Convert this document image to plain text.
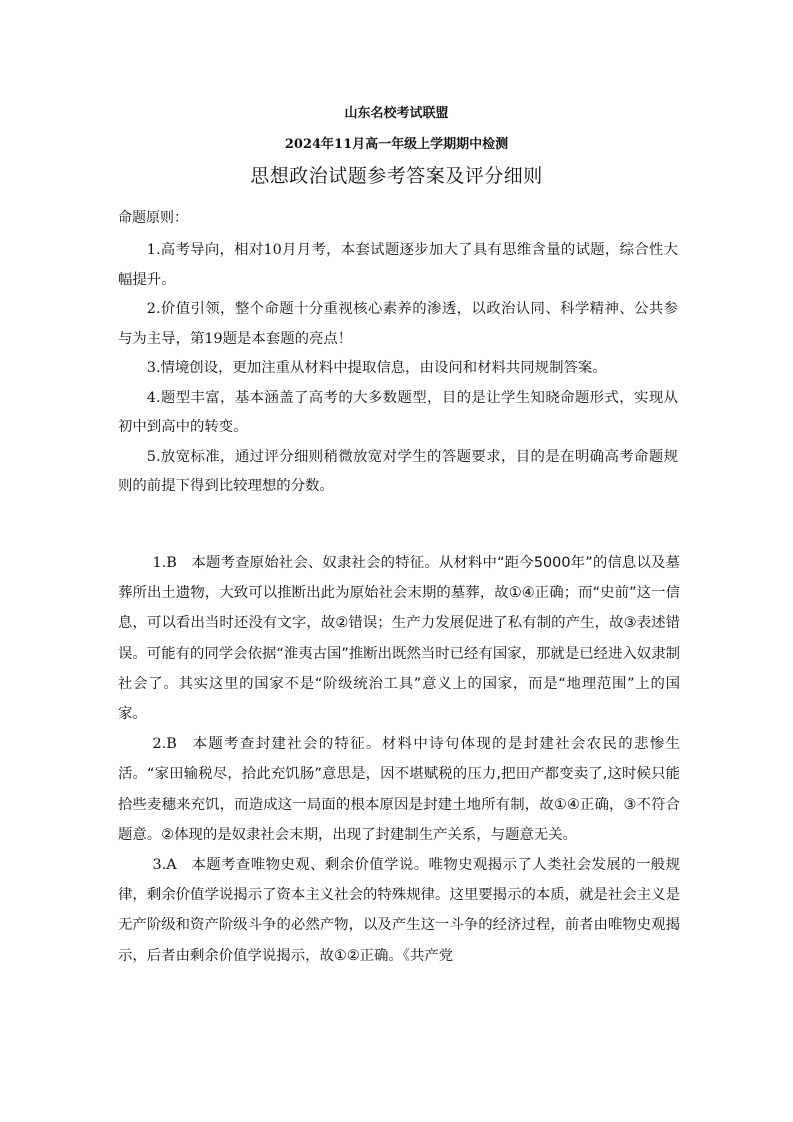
山东名校考试联盟
2024年11月高一年级上学期期中检测
思想政治试题参考答案及评分细则
命题原则：

1.高考导向，相对10月月考，本套试题逐步加大了具有思维含量的试题，综合性大幅提升。

2.价值引领，整个命题十分重视核心素养的渗透，以政治认同、科学精神、公共参与为主导，第19题是本套题的亮点！

3.情境创设，更加注重从材料中提取信息，由设问和材料共同规制答案。

4.题型丰富，基本涵盖了高考的大多数题型，目的是让学生知晓命题形式，实现从初中到高中的转变。

5.放宽标准，通过评分细则稍微放宽对学生的答题要求，目的是在明确高考命题规则的前提下得到比较理想的分数。

1.B 本题考查原始社会、奴隶社会的特征。从材料中“距今5000年”的信息以及墓葬所出土遗物，大致可以推断出此为原始社会末期的墓葬，故①④正确；而“史前”这一信息，可以看出当时还没有文字，故②错误；生产力发展促进了私有制的产生，故③表述错误。可能有的同学会依据“淮夷古国”推断出既然当时已经有国家，那就是已经进入奴隶制社会了。其实这里的国家不是“阶级统治工具”意义上的国家，而是“地理范围”上的国家。

2.B 本题考查封建社会的特征。材料中诗句体现的是封建社会农民的悲惨生活。“家田输税尽，拾此充饥肠”意思是，因不堪赋税的压力,把田产都变卖了,这时候只能拾些麦穗来充饥，而造成这一局面的根本原因是封建土地所有制，故①④正确，③不符合题意。②体现的是奴隶社会末期，出现了封建制生产关系，与题意无关。

3.A 本题考查唯物史观、剩余价值学说。唯物史观揭示了人类社会发展的一般规律，剩余价值学说揭示了资本主义社会的特殊规律。这里要揭示的本质，就是社会主义是无产阶级和资产阶级斗争的必然产物，以及产生这一斗争的经济过程，前者由唯物史观揭示，后者由剩余价值学说揭示，故①②正确。《共产党
